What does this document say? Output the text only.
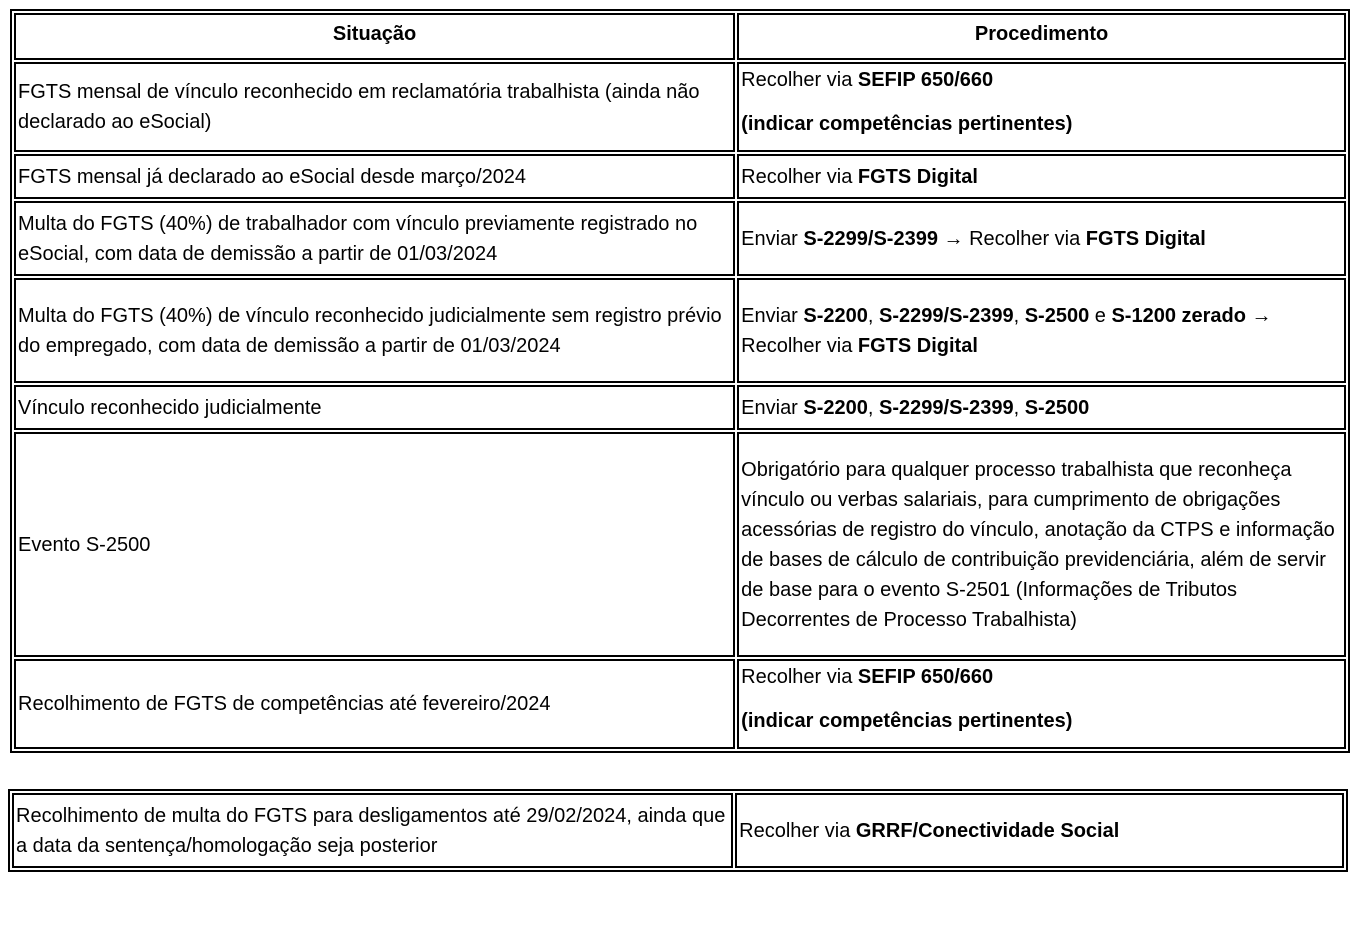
Situação	Procedimento
FGTS mensal de vínculo reconhecido em reclamatória trabalhista (ainda não declarado ao eSocial)	Recolher via SEFIP 650/660
(indicar competências pertinentes)

FGTS mensal já declarado ao eSocial desde março/2024	Recolher via FGTS Digital
Multa do FGTS (40%) de trabalhador com vínculo previamente registrado no eSocial, com data de demissão a partir de 01/03/2024	Enviar S-2299/S-2399 → Recolher via FGTS Digital
Multa do FGTS (40%) de vínculo reconhecido judicialmente sem registro prévio do empregado, com data de demissão a partir de 01/03/2024	Enviar S-2200, S-2299/S-2399, S-2500 e S-1200 zerado → Recolher via FGTS Digital
Vínculo reconhecido judicialmente	Enviar S-2200, S-2299/S-2399, S-2500
Evento S-2500	Obrigatório para qualquer processo trabalhista que reconheça vínculo ou verbas salariais, para cumprimento de obrigações acessórias de registro do vínculo, anotação da CTPS e informação de bases de cálculo de contribuição previdenciária, além de servir de base para o evento S-2501 (Informações de Tributos Decorrentes de Processo Trabalhista)
Recolhimento de FGTS de competências até fevereiro/2024	Recolher via SEFIP 650/660
(indicar competências pertinentes)
Recolhimento de multa do FGTS para desligamentos até 29/02/2024, ainda que a data da sentença/homologação seja posterior	Recolher via GRRF/Conectividade Social
